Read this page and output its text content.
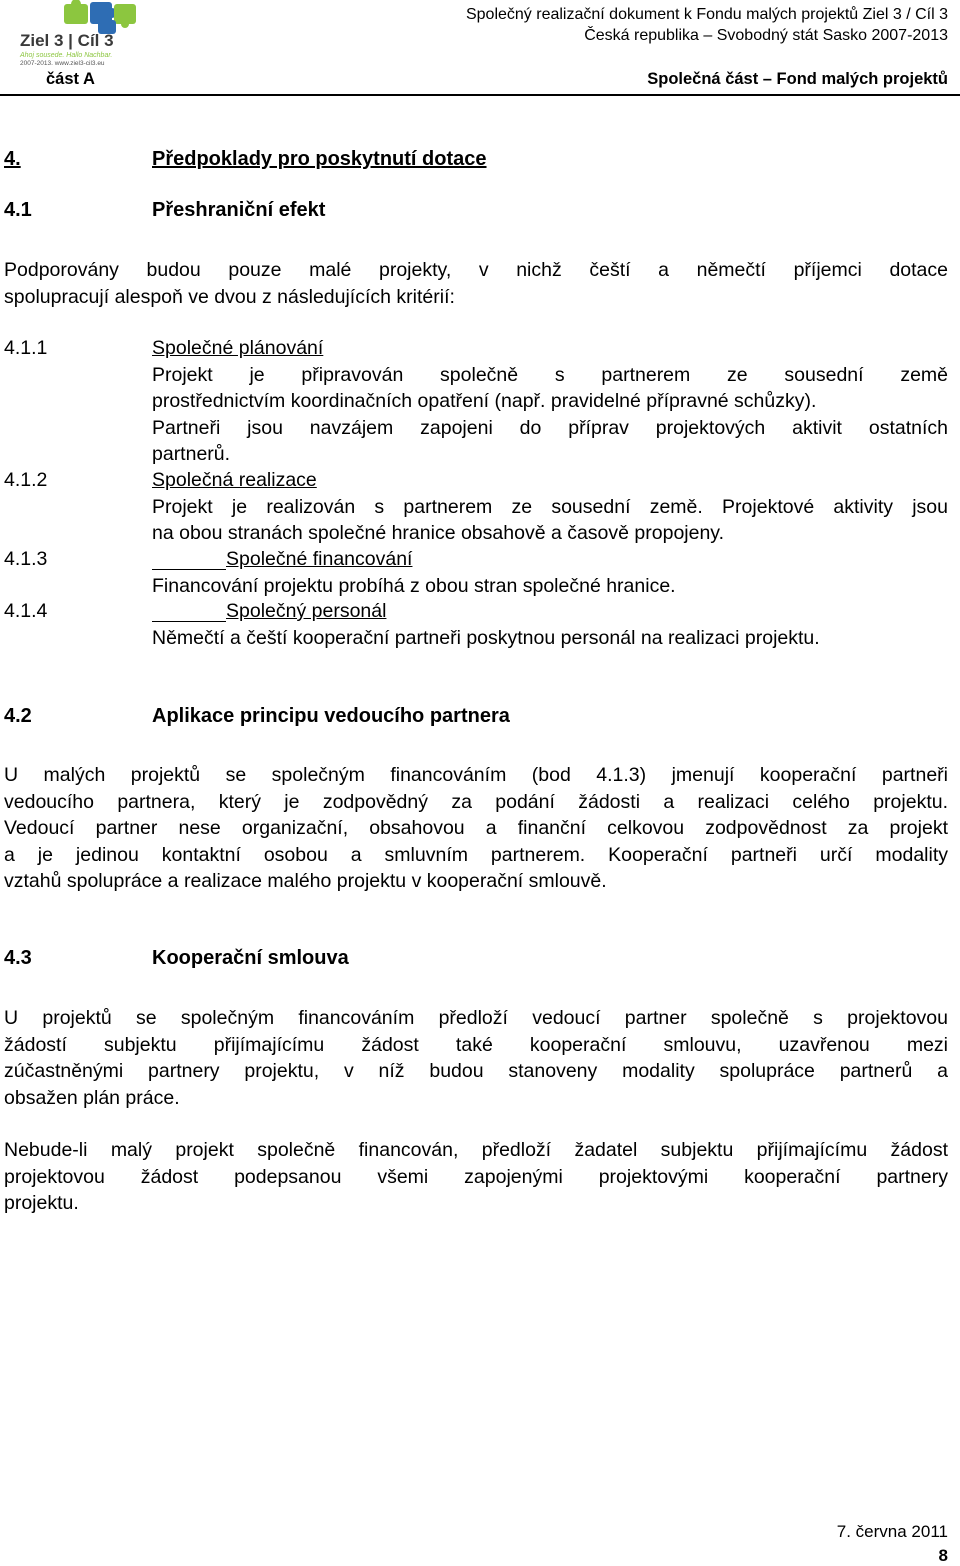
Ziel 3 | Cíl 3
Ahoj sousede. Hallo Nachbar.
2007-2013. www.ziel3-cil3.eu
část A
Společný realizační dokument k Fondu malých projektů Ziel 3 / Cíl 3
Česká republika – Svobodný stát Sasko 2007-2013
Společná část – Fond malých projektů
4.	Předpoklady pro poskytnutí dotace
4.1	Přeshraniční efekt
Podporovány budou pouze malé projekty, v nichž čeští a němečtí příjemci dotace
spolupracují alespoň ve dvou z následujících kritérií:
4.1.1	Společné plánování
Projekt je připravován společně s partnerem ze sousední země
prostřednictvím koordinačních opatření (např. pravidelné přípravné schůzky).
Partneři jsou navzájem zapojeni do příprav projektových aktivit ostatních
partnerů.
4.1.2	Společná realizace
Projekt je realizován s partnerem ze sousední země. Projektové aktivity jsou
na obou stranách společné hranice obsahově a časově propojeny.
4.1.3	Společné financování
Financování projektu probíhá z obou stran společné hranice.
4.1.4	Společný personál
Němečtí a čeští kooperační partneři poskytnou personál na realizaci projektu.
4.2	Aplikace principu vedoucího partnera
U malých projektů se společným financováním (bod 4.1.3) jmenují kooperační partneři
vedoucího partnera, který je zodpovědný za podání žádosti a realizaci celého projektu.
Vedoucí partner nese organizační, obsahovou a finanční celkovou zodpovědnost za projekt
a je jedinou kontaktní osobou a smluvním partnerem. Kooperační partneři určí modality
vztahů spolupráce a realizace malého projektu v kooperační smlouvě.
4.3	Kooperační smlouva
U projektů se společným financováním předloží vedoucí partner společně s projektovou
žádostí subjektu přijímajícímu žádost také kooperační smlouvu, uzavřenou mezi
zúčastněnými partnery projektu, v níž budou stanoveny modality spolupráce partnerů a
obsažen plán práce.
Nebude-li malý projekt společně financován, předloží žadatel subjektu přijímajícímu žádost
projektovou žádost podepsanou všemi zapojenými projektovými kooperační partnery
projektu.
7. června 2011
8
